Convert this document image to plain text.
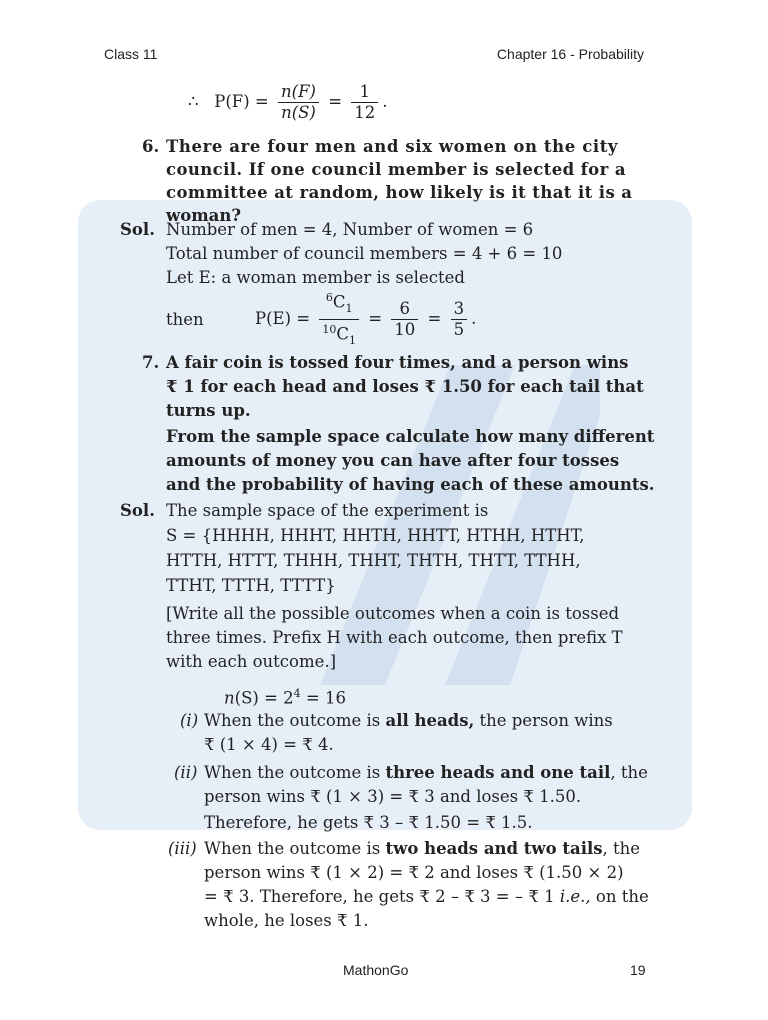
Class 11	Chapter 16 - Probability
∴ $P(F) = \frac{n(F)}{n(S)} = \frac{1}{12}$ .
6. There are four men and six women on the city
council. If one council member is selected for a
committee at random, how likely is it that it is a
woman?
Sol. Number of men = 4, Number of women = 6
Total number of council members = 4 + 6 = 10
Let E: a woman member is selected
then	$P(E) = \frac{^6C_1}{^{10}C_1} = \frac{6}{10} = \frac{3}{5}$ .
7. A fair coin is tossed four times, and a person wins
₹ 1 for each head and loses ₹ 1.50 for each tail that
turns up.
From the sample space calculate how many different
amounts of money you can have after four tosses
and the probability of having each of these amounts.
Sol. The sample space of the experiment is
S = {HHHH, HHHT, HHTH, HHTT, HTHH, HTHT,
HTTH, HTTT, THHH, THHT, THTH, THTT, TTHH,
TTHT, TTTH, TTTT}
[Write all the possible outcomes when a coin is tossed
three times. Prefix H with each outcome, then prefix T
with each outcome.]
$n(S) = 2^4 = 16$
(i) When the outcome is all heads, the person wins
₹ (1 × 4) = ₹ 4.
(ii) When the outcome is three heads and one tail, the
person wins ₹ (1 × 3) = ₹ 3 and loses ₹ 1.50.
Therefore, he gets ₹ 3 – ₹ 1.50 = ₹ 1.5.
(iii) When the outcome is two heads and two tails, the
person wins ₹ (1 × 2) = ₹ 2 and loses ₹ (1.50 × 2)
= ₹ 3. Therefore, he gets ₹ 2 – ₹ 3 = – ₹ 1 i.e., on the
whole, he loses ₹ 1.
MathonGo	19
